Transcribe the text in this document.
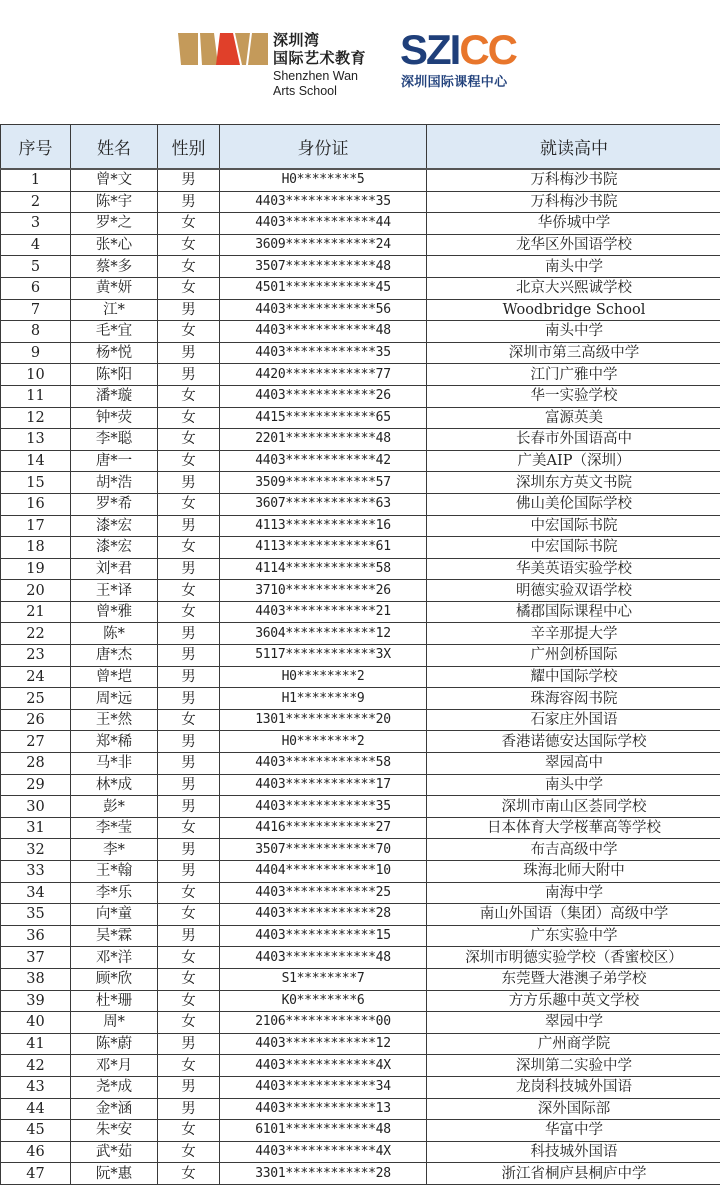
深圳湾
国际艺术教育
Shenzhen Wan
Arts School
SZICC
深圳国际课程中心
序号	姓名	性别	身份证	就读高中
1	曾*文	男	H0********5	万科梅沙书院
2	陈*宇	男	4403************35	万科梅沙书院
3	罗*之	女	4403************44	华侨城中学
4	张*心	女	3609************24	龙华区外国语学校
5	蔡*多	女	3507************48	南头中学
6	黄*妍	女	4501************45	北京大兴熙诚学校
7	江*	男	4403************56	Woodbridge School
8	毛*宜	女	4403************48	南头中学
9	杨*悦	男	4403************35	深圳市第三高级中学
10	陈*阳	男	4420************77	江门广雅中学
11	潘*璇	女	4403************26	华一实验学校
12	钟*荧	女	4415************65	富源英美
13	李*聪	女	2201************48	长春市外国语高中
14	唐*一	女	4403************42	广美AIP（深圳）
15	胡*浩	男	3509************57	深圳东方英文书院
16	罗*希	女	3607************63	佛山美伦国际学校
17	漆*宏	男	4113************16	中宏国际书院
18	漆*宏	女	4113************61	中宏国际书院
19	刘*君	男	4114************58	华美英语实验学校
20	王*译	女	3710************26	明德实验双语学校
21	曾*雅	女	4403************21	橘郡国际课程中心
22	陈*	男	3604************12	辛辛那提大学
23	唐*杰	男	5117************3X	广州剑桥国际
24	曾*垲	男	H0********2	耀中国际学校
25	周*远	男	H1********9	珠海容闳书院
26	王*然	女	1301************20	石家庄外国语
27	郑*稀	男	H0********2	香港诺德安达国际学校
28	马*非	男	4403************58	翠园高中
29	林*成	男	4403************17	南头中学
30	彭*	男	4403************35	深圳市南山区荟同学校
31	李*莹	女	4416************27	日本体育大学桜華高等学校
32	李*	男	3507************70	布吉高级中学
33	王*翰	男	4404************10	珠海北师大附中
34	李*乐	女	4403************25	南海中学
35	向*童	女	4403************28	南山外国语（集团）高级中学
36	吴*霖	男	4403************15	广东实验中学
37	邓*洋	女	4403************48	深圳市明德实验学校（香蜜校区）
38	顾*欣	女	S1********7	东莞暨大港澳子弟学校
39	杜*珊	女	K0********6	方方乐趣中英文学校
40	周*	女	2106************00	翠园中学
41	陈*蔚	男	4403************12	广州商学院
42	邓*月	女	4403************4X	深圳第二实验中学
43	尧*成	男	4403************34	龙岗科技城外国语
44	金*涵	男	4403************13	深外国际部
45	朱*安	女	6101************48	华富中学
46	武*茹	女	4403************4X	科技城外国语
47	阮*惠	女	3301************28	浙江省桐庐县桐庐中学
